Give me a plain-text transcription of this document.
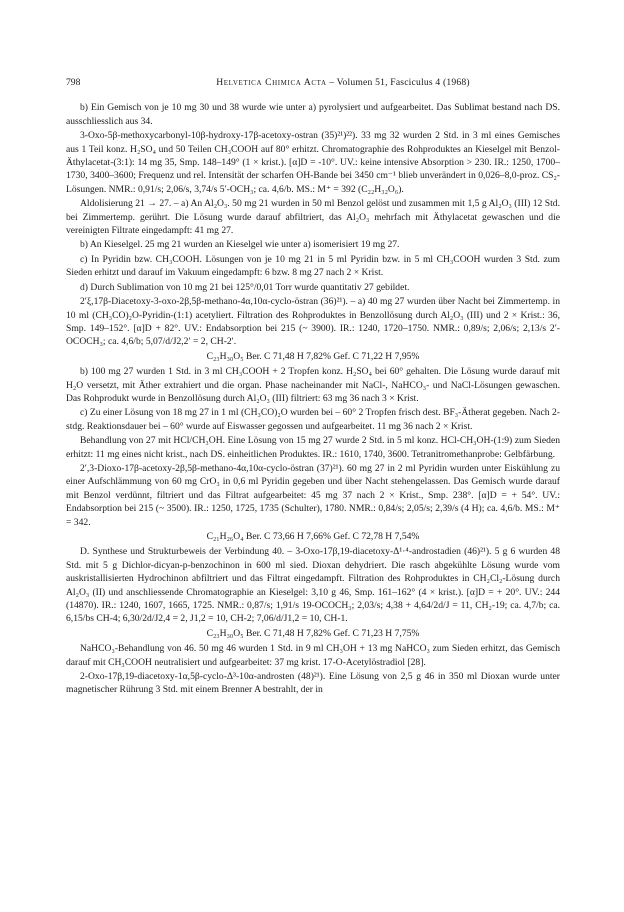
798	Helvetica Chimica Acta – Volumen 51, Fasciculus 4 (1968)

b) Ein Gemisch von je 10 mg 30 und 38 wurde wie unter a) pyrolysiert und aufgearbeitet. Das Sublimat bestand nach DS. ausschliesslich aus 34.

3-Oxo-5β-methoxycarbonyl-10β-hydroxy-17β-acetoxy-ostran (35)²¹)²²). 33 mg 32 wurden 2 Std. in 3 ml eines Gemisches aus 1 Teil konz. H₂SO₄ und 50 Teilen CH₃COOH auf 80° erhitzt. Chromatographie des Rohproduktes an Kieselgel mit Benzol-Äthylacetat-(3:1): 14 mg 35, Smp. 148–149° (1 × krist.). [α]D = -10°. UV.: keine intensive Absorption > 230. IR.: 1250, 1700–1730, 3400–3600; Frequenz und rel. Intensität der scharfen OH-Bande bei 3450 cm⁻¹ blieb unverändert in 0,026–8,0-proz. CS₂-Lösungen. NMR.: 0,91/s; 2,06/s, 3,74/s 5′-OCH₃; ca. 4,6/b. MS.: M⁺ = 392 (C₂₂H₃₂O₆).

Aldolisierung 21 → 27. – a) An Al₂O₃. 50 mg 21 wurden in 50 ml Benzol gelöst und zusammen mit 1,5 g Al₂O₃ (III) 12 Std. bei Zimmertemp. gerührt. Die Lösung wurde darauf abfiltriert, das Al₂O₃ mehrfach mit Äthylacetat gewaschen und die vereinigten Filtrate eingedampft: 41 mg 27.

b) An Kieselgel. 25 mg 21 wurden an Kieselgel wie unter a) isomerisiert 19 mg 27.

c) In Pyridin bzw. CH₃COOH. Lösungen von je 10 mg 21 in 5 ml Pyridin bzw. in 5 ml CH₃COOH wurden 3 Std. zum Sieden erhitzt und darauf im Vakuum eingedampft: 6 bzw. 8 mg 27 nach 2 × Krist.

d) Durch Sublimation von 10 mg 21 bei 125°/0,01 Torr wurde quantitativ 27 gebildet.

2′ξ,17β-Diacetoxy-3-oxo-2β,5β-methano-4α,10α-cyclo-östran (36)²¹). – a) 40 mg 27 wurden über Nacht bei Zimmertemp. in 10 ml (CH₃CO)₂O-Pyridin-(1:1) acetyliert. Filtration des Rohproduktes in Benzollösung durch Al₂O₃ (III) und 2 × Krist.: 36, Smp. 149–152°. [α]D + 82°. UV.: Endabsorption bei 215 (~ 3900). IR.: 1240, 1720–1750. NMR.: 0,89/s; 2,06/s; 2,13/s 2′-OCOCH₃; ca. 4,6/b; 5,07/d/J2,2′ = 2, CH-2′.

C₂₃H₃₀O₅ Ber. C 71,48 H 7,82% Gef. C 71,22 H 7,95%

b) 100 mg 27 wurden 1 Std. in 3 ml CH₃COOH + 2 Tropfen konz. H₂SO₄ bei 60° gehalten. Die Lösung wurde darauf mit H₂O versetzt, mit Äther extrahiert und die organ. Phase nacheinander mit NaCl-, NaHCO₃- und NaCl-Lösungen gewaschen. Das Rohprodukt wurde in Benzollösung durch Al₂O₃ (III) filtriert: 63 mg 36 nach 3 × Krist.

c) Zu einer Lösung von 18 mg 27 in 1 ml (CH₃CO)₂O wurden bei – 60° 2 Tropfen frisch dest. BF₃-Ätherat gegeben. Nach 2-stdg. Reaktionsdauer bei – 60° wurde auf Eiswasser gegossen und aufgearbeitet. 11 mg 36 nach 2 × Krist.

Behandlung von 27 mit HCl/CH₃OH. Eine Lösung von 15 mg 27 wurde 2 Std. in 5 ml konz. HCl-CH₃OH-(1:9) zum Sieden erhitzt: 11 mg eines nicht krist., nach DS. einheitlichen Produktes. IR.: 1610, 1740, 3600. Tetranitromethanprobe: Gelbfärbung.

2′,3-Dioxo-17β-acetoxy-2β,5β-methano-4α,10α-cyclo-östran (37)²¹). 60 mg 27 in 2 ml Pyridin wurden unter Eiskühlung zu einer Aufschlämmung von 60 mg CrO₃ in 0,6 ml Pyridin gegeben und über Nacht stehengelassen. Das Gemisch wurde darauf mit Benzol verdünnt, filtriert und das Filtrat aufgearbeitet: 45 mg 37 nach 2 × Krist., Smp. 238°. [α]D = + 54°. UV.: Endabsorption bei 215 (~ 3500). IR.: 1250, 1725, 1735 (Schulter), 1780. NMR.: 0,84/s; 2,05/s; 2,39/s (4 H); ca. 4,6/b. MS.: M⁺ = 342.

C₂₁H₂₆O₄ Ber. C 73,66 H 7,66% Gef. C 72,78 H 7,54%

D. Synthese und Strukturbeweis der Verbindung 40. – 3-Oxo-17β,19-diacetoxy-Δ¹·⁴-androstadien (46)²¹). 5 g 6 wurden 48 Std. mit 5 g Dichlor-dicyan-p-benzochinon in 600 ml sied. Dioxan dehydriert. Die rasch abgekühlte Lösung wurde vom auskristallisierten Hydrochinon abfiltriert und das Filtrat eingedampft. Filtration des Rohproduktes in CH₂Cl₂-Lösung durch Al₂O₃ (II) und anschliessende Chromatographie an Kieselgel: 3,10 g 46, Smp. 161–162° (4 × krist.). [α]D = + 20°. UV.: 244 (14870). IR.: 1240, 1607, 1665, 1725. NMR.: 0,87/s; 1,91/s 19-OCOCH₃; 2,03/s; 4,38 + 4,64/2d/J = 11, CH₂-19; ca. 4,7/b; ca. 6,15/bs CH-4; 6,30/2d/J2,4 = 2, J1,2 = 10, CH-2; 7,06/d/J1,2 = 10, CH-1.

C₂₃H₃₀O₅ Ber. C 71,48 H 7,82% Gef. C 71,23 H 7,75%

NaHCO₃-Behandlung von 46. 50 mg 46 wurden 1 Std. in 9 ml CH₃OH + 13 mg NaHCO₃ zum Sieden erhitzt, das Gemisch darauf mit CH₃COOH neutralisiert und aufgearbeitet: 37 mg krist. 17-O-Acetylöstradiol [28].

2-Oxo-17β,19-diacetoxy-1α,5β-cyclo-Δ³-10α-androsten (48)²¹). Eine Lösung von 2,5 g 46 in 350 ml Dioxan wurde unter magnetischer Rührung 3 Std. mit einem Brenner A bestrahlt, der in
